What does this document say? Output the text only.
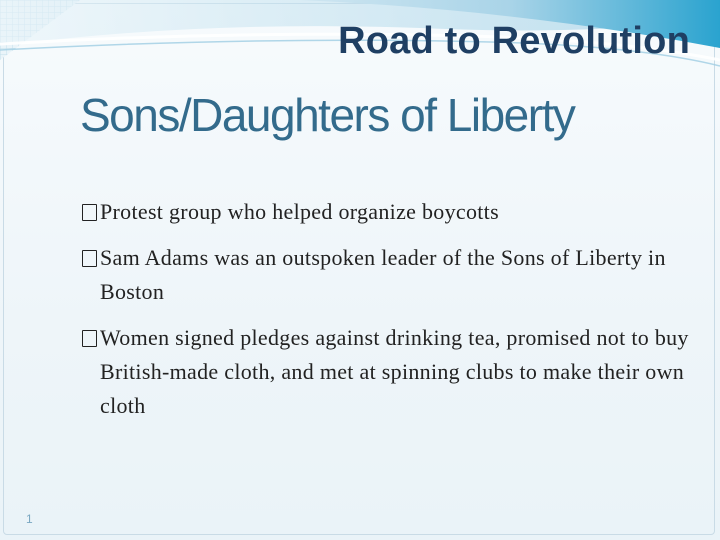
Road to Revolution
Sons/Daughters of Liberty
Protest group who helped organize boycotts
Sam Adams was an outspoken leader of the Sons of Liberty in Boston
Women signed pledges against drinking tea, promised not to buy British-made cloth, and met at spinning clubs to make their own cloth
1
